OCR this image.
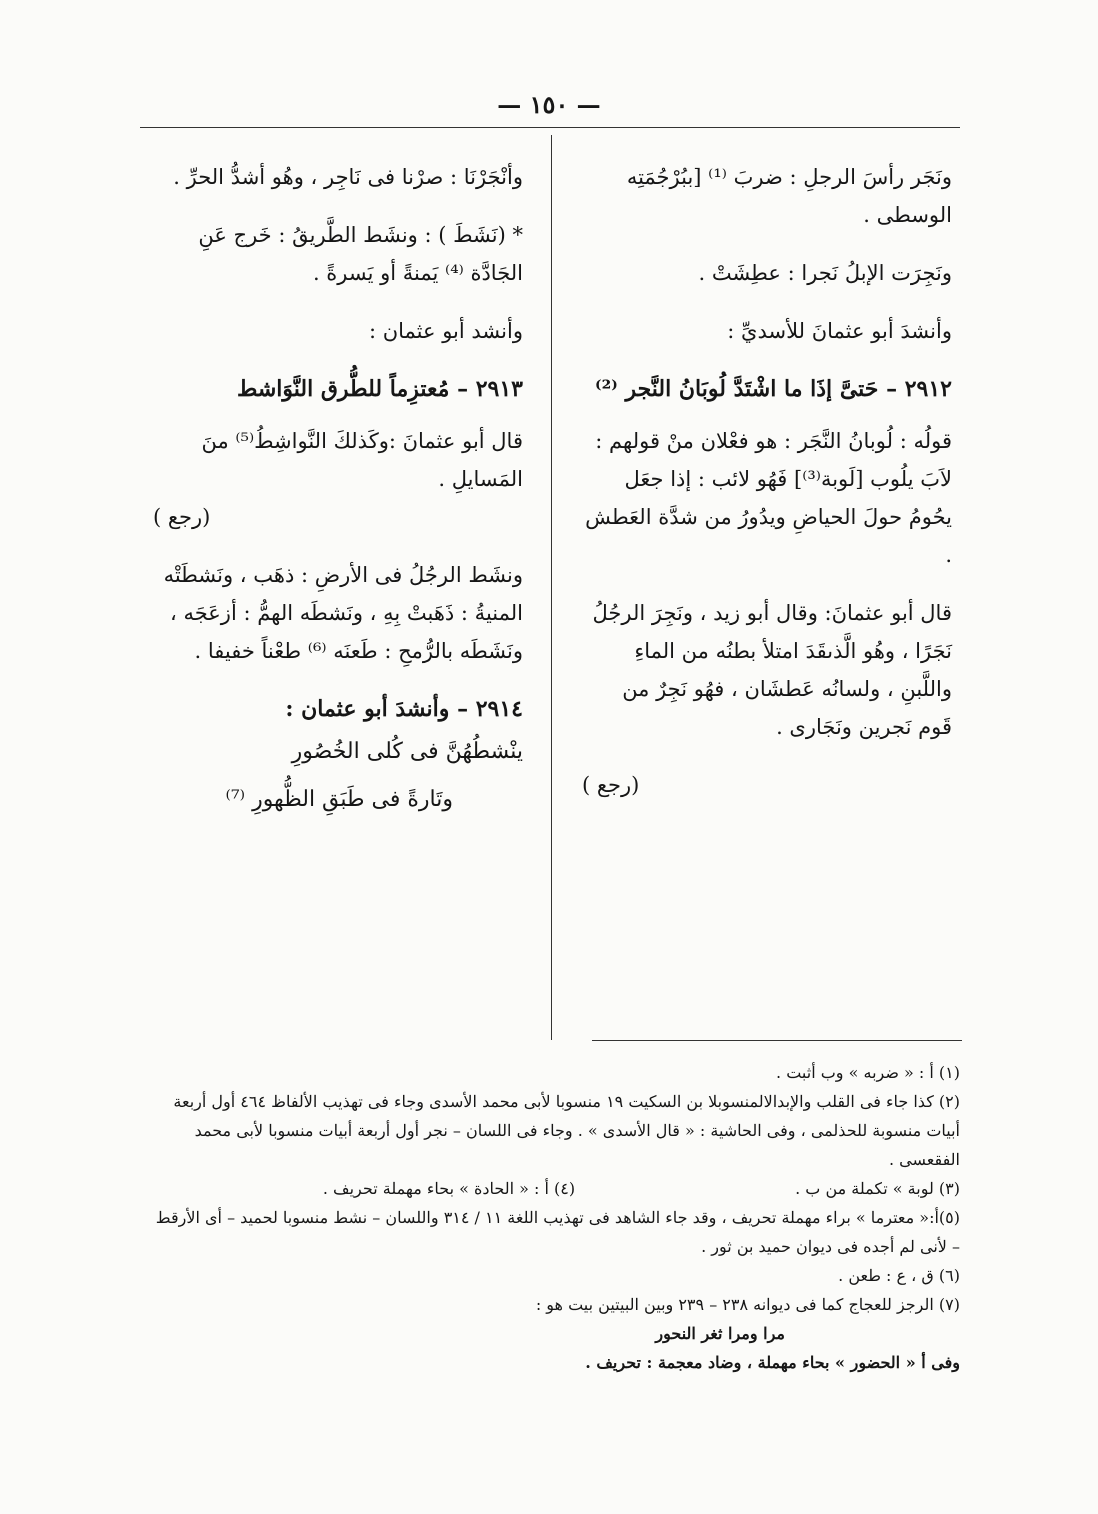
— ١٥٠ —

ونَجَر رأسَ الرجلِ : ضربَ ⁽¹⁾ [ببُرْجُمَتِه الوسطى .

ونَجِرَت الإبلُ نَجرا : عطِشَتْ .

وأنشدَ أبو عثمانَ للأسديِّ :

٢٩١٢ – حَتىَّ إذَا ما اشْتَدَّ لُوبَانُ النَّجر ⁽²⁾

قولُه : لُوبانُ النَّجَر : هو فعْلان منْ قولهم : لاَبَ يلُوب [لَوبة⁽³⁾] فَهُو لائب : إذا جعَل يحُومُ حولَ الحياضِ ويدُورُ من شدَّة العَطش .

قال أبو عثمانَ: وقال أبو زيد ، ونَجِرَ الرجُلُ نَجَرًا ، وهُو الَّذىقَدَ امتلأ بطنُه من الماءِ واللَّبنِ ، ولسانُه عَطشَان ، فهُو نَجِرٌ من قَوم نَجرين ونَجَارى .

(رجع )

وأنْجَرْنَا : صرْنا فى نَاجِر ، وهُو أشدُّ الحرِّ .

* (نَشَطَ ) : ونشَط الطَّريقُ : خَرج عَنِ الجَادَّة ⁽⁴⁾ يَمنةً أو يَسرةً .

وأنشد أبو عثمان :

٢٩١٣ – مُعتزِماً للطُّرق النَّوَاشط

قال أبو عثمانَ :وكَذلكَ النَّواشِطُ⁽⁵⁾ منَ المَسايلِ .

(رجع )

ونشَط الرجُلُ فى الأرضِ : ذهَب ، ونَشطَتْه المنيةُ : ذَهَبتْ بِهِ ، ونَشطَه الهمُّ : أزعَجَه ، ونَشَطَه بالرُّمحِ : طَعنَه ⁽⁶⁾ طعْناً خفيفا .

٢٩١٤ – وأنشدَ أبو عثمان :

ينْشطُهُنَّ فى كُلى الخُصُورِ

وتَارةً فى طَبَقِ الظُّهورِ ⁽⁷⁾

(١) أ : « ضربه » وب أثبت .
(٢) كذا جاء فى القلب والإبدالالمنسوبلا بن السكيت ١٩ منسوبا لأبى محمد الأسدى وجاء فى تهذيب الألفاظ ٤٦٤ أول أربعة أبيات منسوبة للحذلمى ، وفى الحاشية : « قال الأسدى » . وجاء فى اللسان – نجر أول أربعة أبيات منسوبا لأبى محمد الفقعسى .
(٣) لوبة » تكملة من ب .
(٤) أ : « الحادة » بحاء مهملة تحريف .
(٥)أ:« معترما » براء مهملة تحريف ، وقد جاء الشاهد فى تهذيب اللغة ١١ / ٣١٤ واللسان – نشط منسوبا لحميد – أى الأرقط – لأنى لم أجده فى ديوان حميد بن ثور .
(٦) ق ، ع : طعن .
(٧) الرجز للعجاج كما فى ديوانه ٢٣٨ – ٢٣٩ وبين البيتين بيت هو :
مرا ومرا ثغر النحور
وفى أ « الحضور » بحاء مهملة ، وضاد معجمة : تحريف .
